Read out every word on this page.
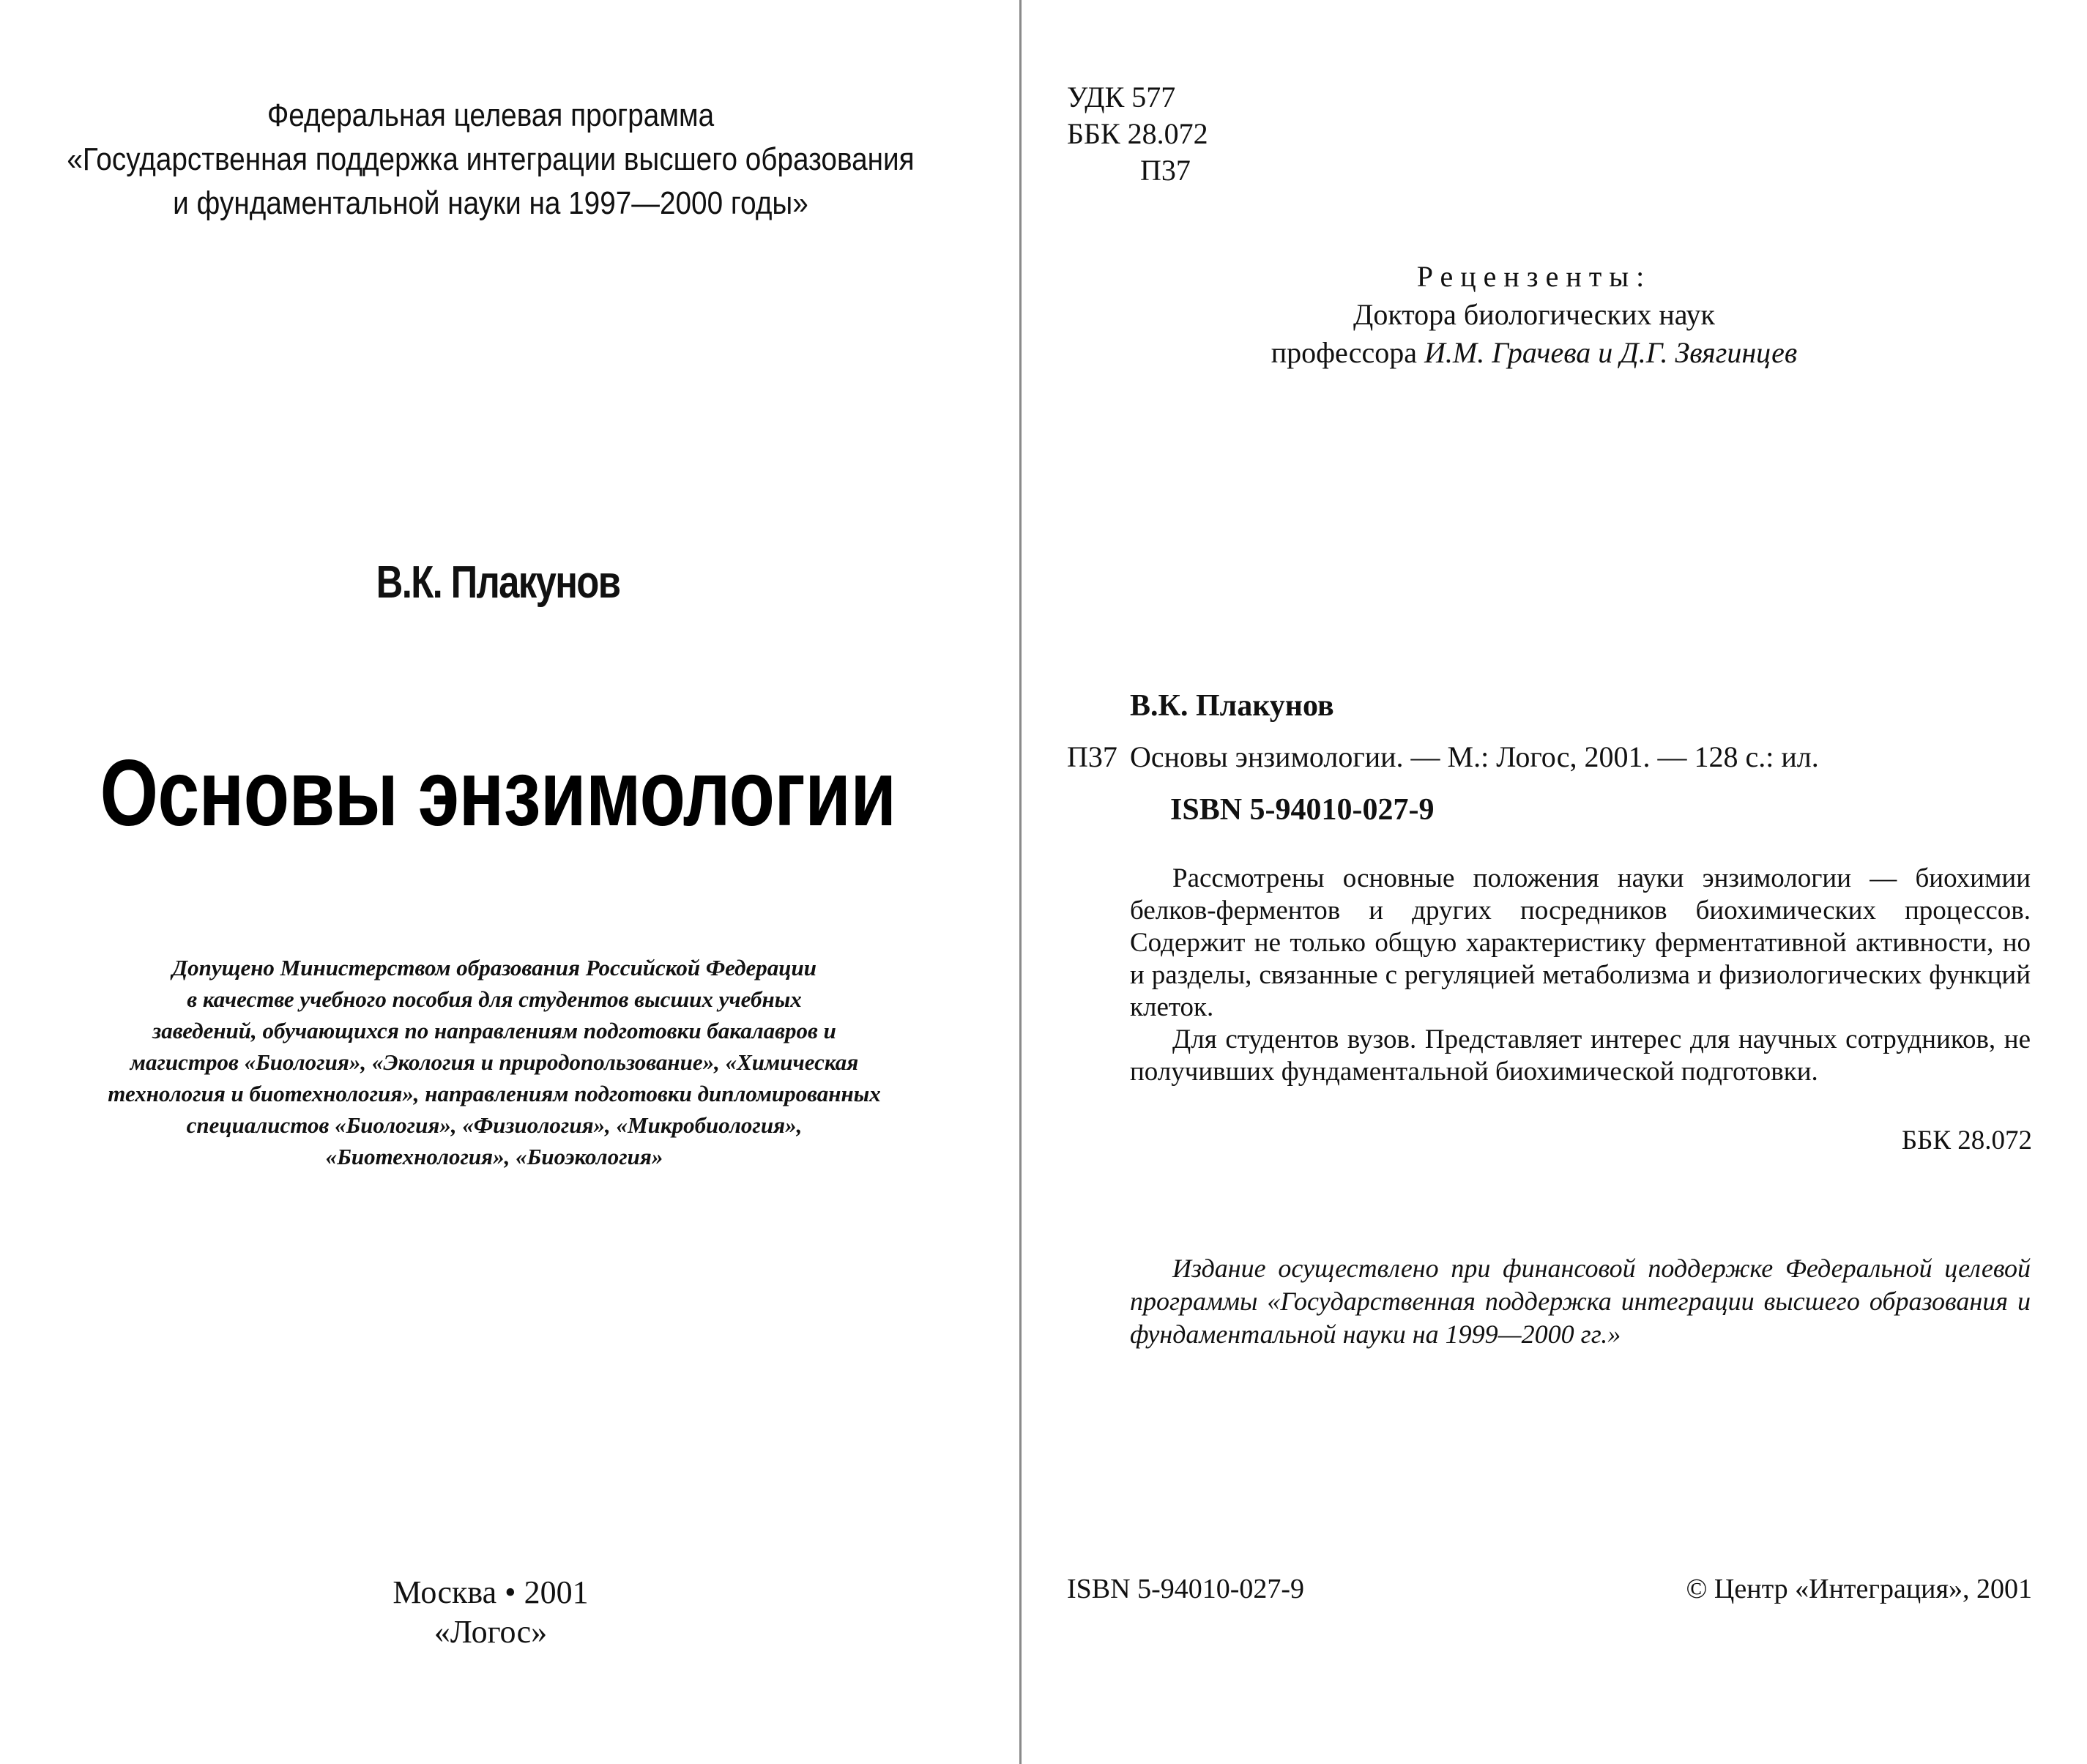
Федеральная целевая программа
«Государственная поддержка интеграции высшего образования
и фундаментальной науки на 1997—2000 годы»
В.К. Плакунов
Основы энзимологии
Допущено Министерством образования Российской Федерации
в качестве учебного пособия для студентов высших учебных
заведений, обучающихся по направлениям подготовки бакалавров и
магистров «Биология», «Экология и природопользование», «Химическая
технология и биотехнология», направлениям подготовки дипломированных
специалистов «Биология», «Физиология», «Микробиология»,
«Биотехнология», «Биоэкология»
Москва • 2001
«Логос»
УДК 577
ББК 28.072
П37
Рецензенты:
Доктора биологических наук
профессора И.М. Грачева и Д.Г. Звягинцев
В.К. Плакунов
П37 Основы энзимологии. — М.: Логос, 2001. — 128 с.: ил.
ISBN 5-94010-027-9

Рассмотрены основные положения науки энзимологии — биохимии белков-ферментов и других посредников биохимических процессов. Содержит не только общую характеристику ферментативной активности, но и разделы, связанные с регуляцией метаболизма и физиологических функций клеток.

Для студентов вузов. Представляет интерес для научных сотрудников, не получивших фундаментальной биохимической подготовки.

ББК 28.072
Издание осуществлено при финансовой поддержке Федеральной целевой программы «Государственная поддержка интеграции высшего образования и фундаментальной науки на 1999—2000 гг.»
ISBN 5-94010-027-9	© Центр «Интеграция», 2001
